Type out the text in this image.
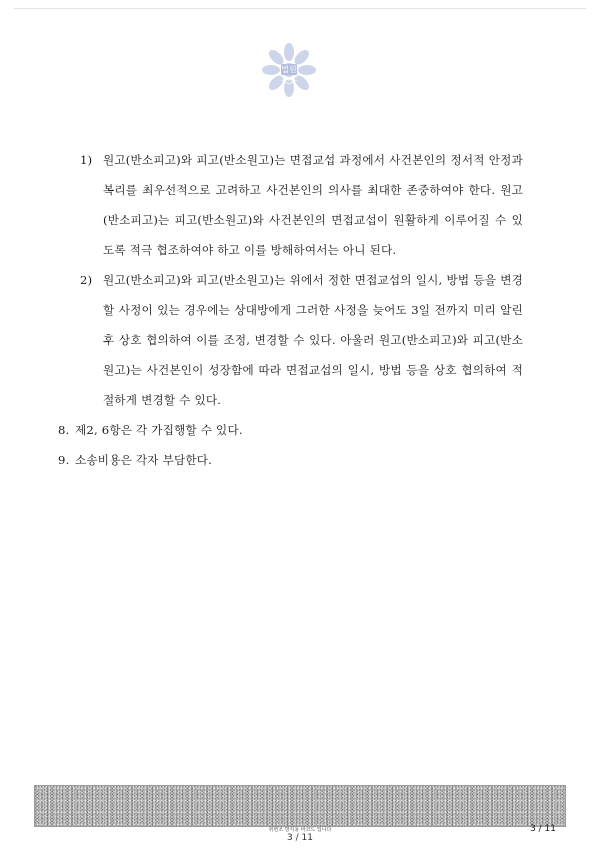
법원
1) 원고(반소피고)와 피고(반소원고)는 면접교섭 과정에서 사건본인의 정서적 안정과 복리를 최우선적으로 고려하고 사건본인의 의사를 최대한 존중하여야 한다. 원고(반소피고)는 피고(반소원고)와 사건본인의 면접교섭이 원활하게 이루어질 수 있도록 적극 협조하여야 하고 이를 방해하여서는 아니 된다.
2) 원고(반소피고)와 피고(반소원고)는 위에서 정한 면접교섭의 일시, 방법 등을 변경할 사정이 있는 경우에는 상대방에게 그러한 사정을 늦어도 3일 전까지 미리 알린 후 상호 협의하여 이를 조정, 변경할 수 있다. 아울러 원고(반소피고)와 피고(반소원고)는 사건본인이 성장함에 따라 면접교섭의 일시, 방법 등을 상호 협의하여 적절하게 변경할 수 있다.
8. 제2, 6항은 각 가집행할 수 있다.
9. 소송비용은 각자 부담한다.
위변조 방지용 바코드 입니다
3 / 11
3 / 11
